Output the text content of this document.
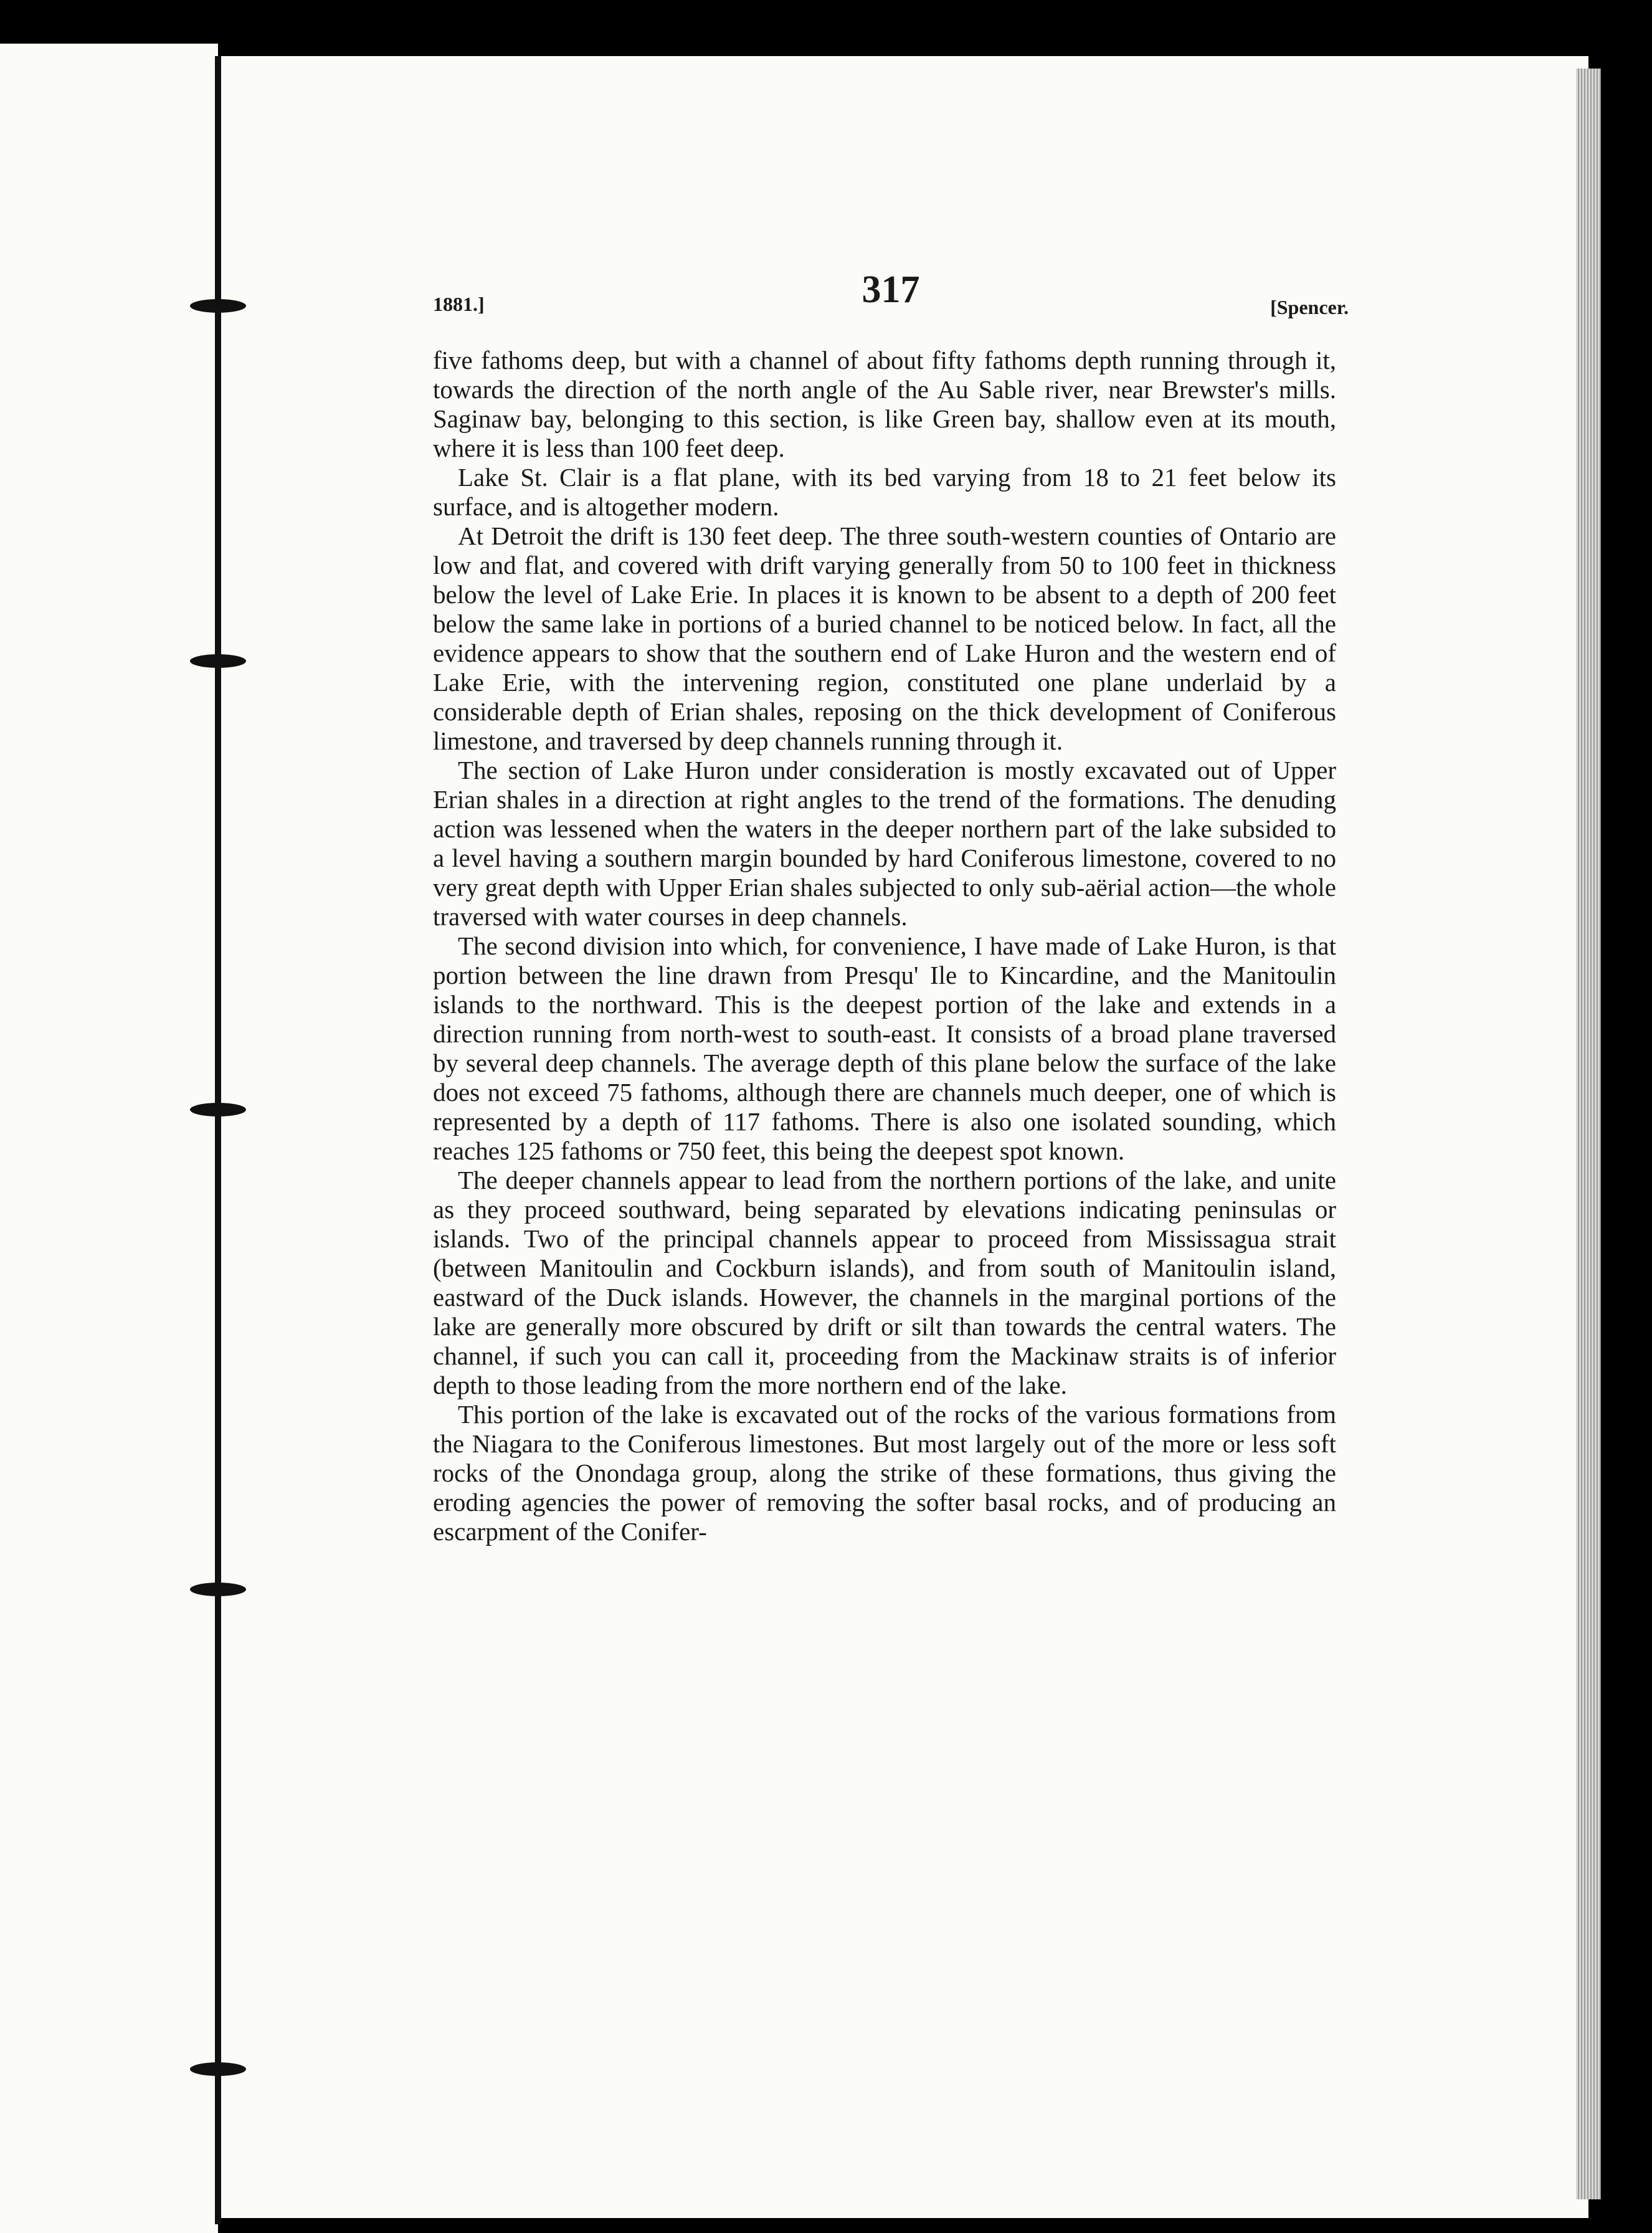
1881.]	317	[Spencer.

five fathoms deep, but with a channel of about fifty fathoms depth running through it, towards the direction of the north angle of the Au Sable river, near Brewster's mills. Saginaw bay, belonging to this section, is like Green bay, shallow even at its mouth, where it is less than 100 feet deep.

Lake St. Clair is a flat plane, with its bed varying from 18 to 21 feet below its surface, and is altogether modern.

At Detroit the drift is 130 feet deep. The three south-western counties of Ontario are low and flat, and covered with drift varying generally from 50 to 100 feet in thickness below the level of Lake Erie. In places it is known to be absent to a depth of 200 feet below the same lake in portions of a buried channel to be noticed below. In fact, all the evidence appears to show that the southern end of Lake Huron and the western end of Lake Erie, with the intervening region, constituted one plane underlaid by a considerable depth of Erian shales, reposing on the thick development of Coniferous limestone, and traversed by deep channels running through it.

The section of Lake Huron under consideration is mostly excavated out of Upper Erian shales in a direction at right angles to the trend of the formations. The denuding action was lessened when the waters in the deeper northern part of the lake subsided to a level having a southern margin bounded by hard Coniferous limestone, covered to no very great depth with Upper Erian shales subjected to only sub-aërial action—the whole traversed with water courses in deep channels.

The second division into which, for convenience, I have made of Lake Huron, is that portion between the line drawn from Presqu' Ile to Kincardine, and the Manitoulin islands to the northward. This is the deepest portion of the lake and extends in a direction running from north-west to south-east. It consists of a broad plane traversed by several deep channels. The average depth of this plane below the surface of the lake does not exceed 75 fathoms, although there are channels much deeper, one of which is represented by a depth of 117 fathoms. There is also one isolated sounding, which reaches 125 fathoms or 750 feet, this being the deepest spot known.

The deeper channels appear to lead from the northern portions of the lake, and unite as they proceed southward, being separated by elevations indicating peninsulas or islands. Two of the principal channels appear to proceed from Mississagua strait (between Manitoulin and Cockburn islands), and from south of Manitoulin island, eastward of the Duck islands. However, the channels in the marginal portions of the lake are generally more obscured by drift or silt than towards the central waters. The channel, if such you can call it, proceeding from the Mackinaw straits is of inferior depth to those leading from the more northern end of the lake.

This portion of the lake is excavated out of the rocks of the various formations from the Niagara to the Coniferous limestones. But most largely out of the more or less soft rocks of the Onondaga group, along the strike of these formations, thus giving the eroding agencies the power of removing the softer basal rocks, and of producing an escarpment of the Conifer-
